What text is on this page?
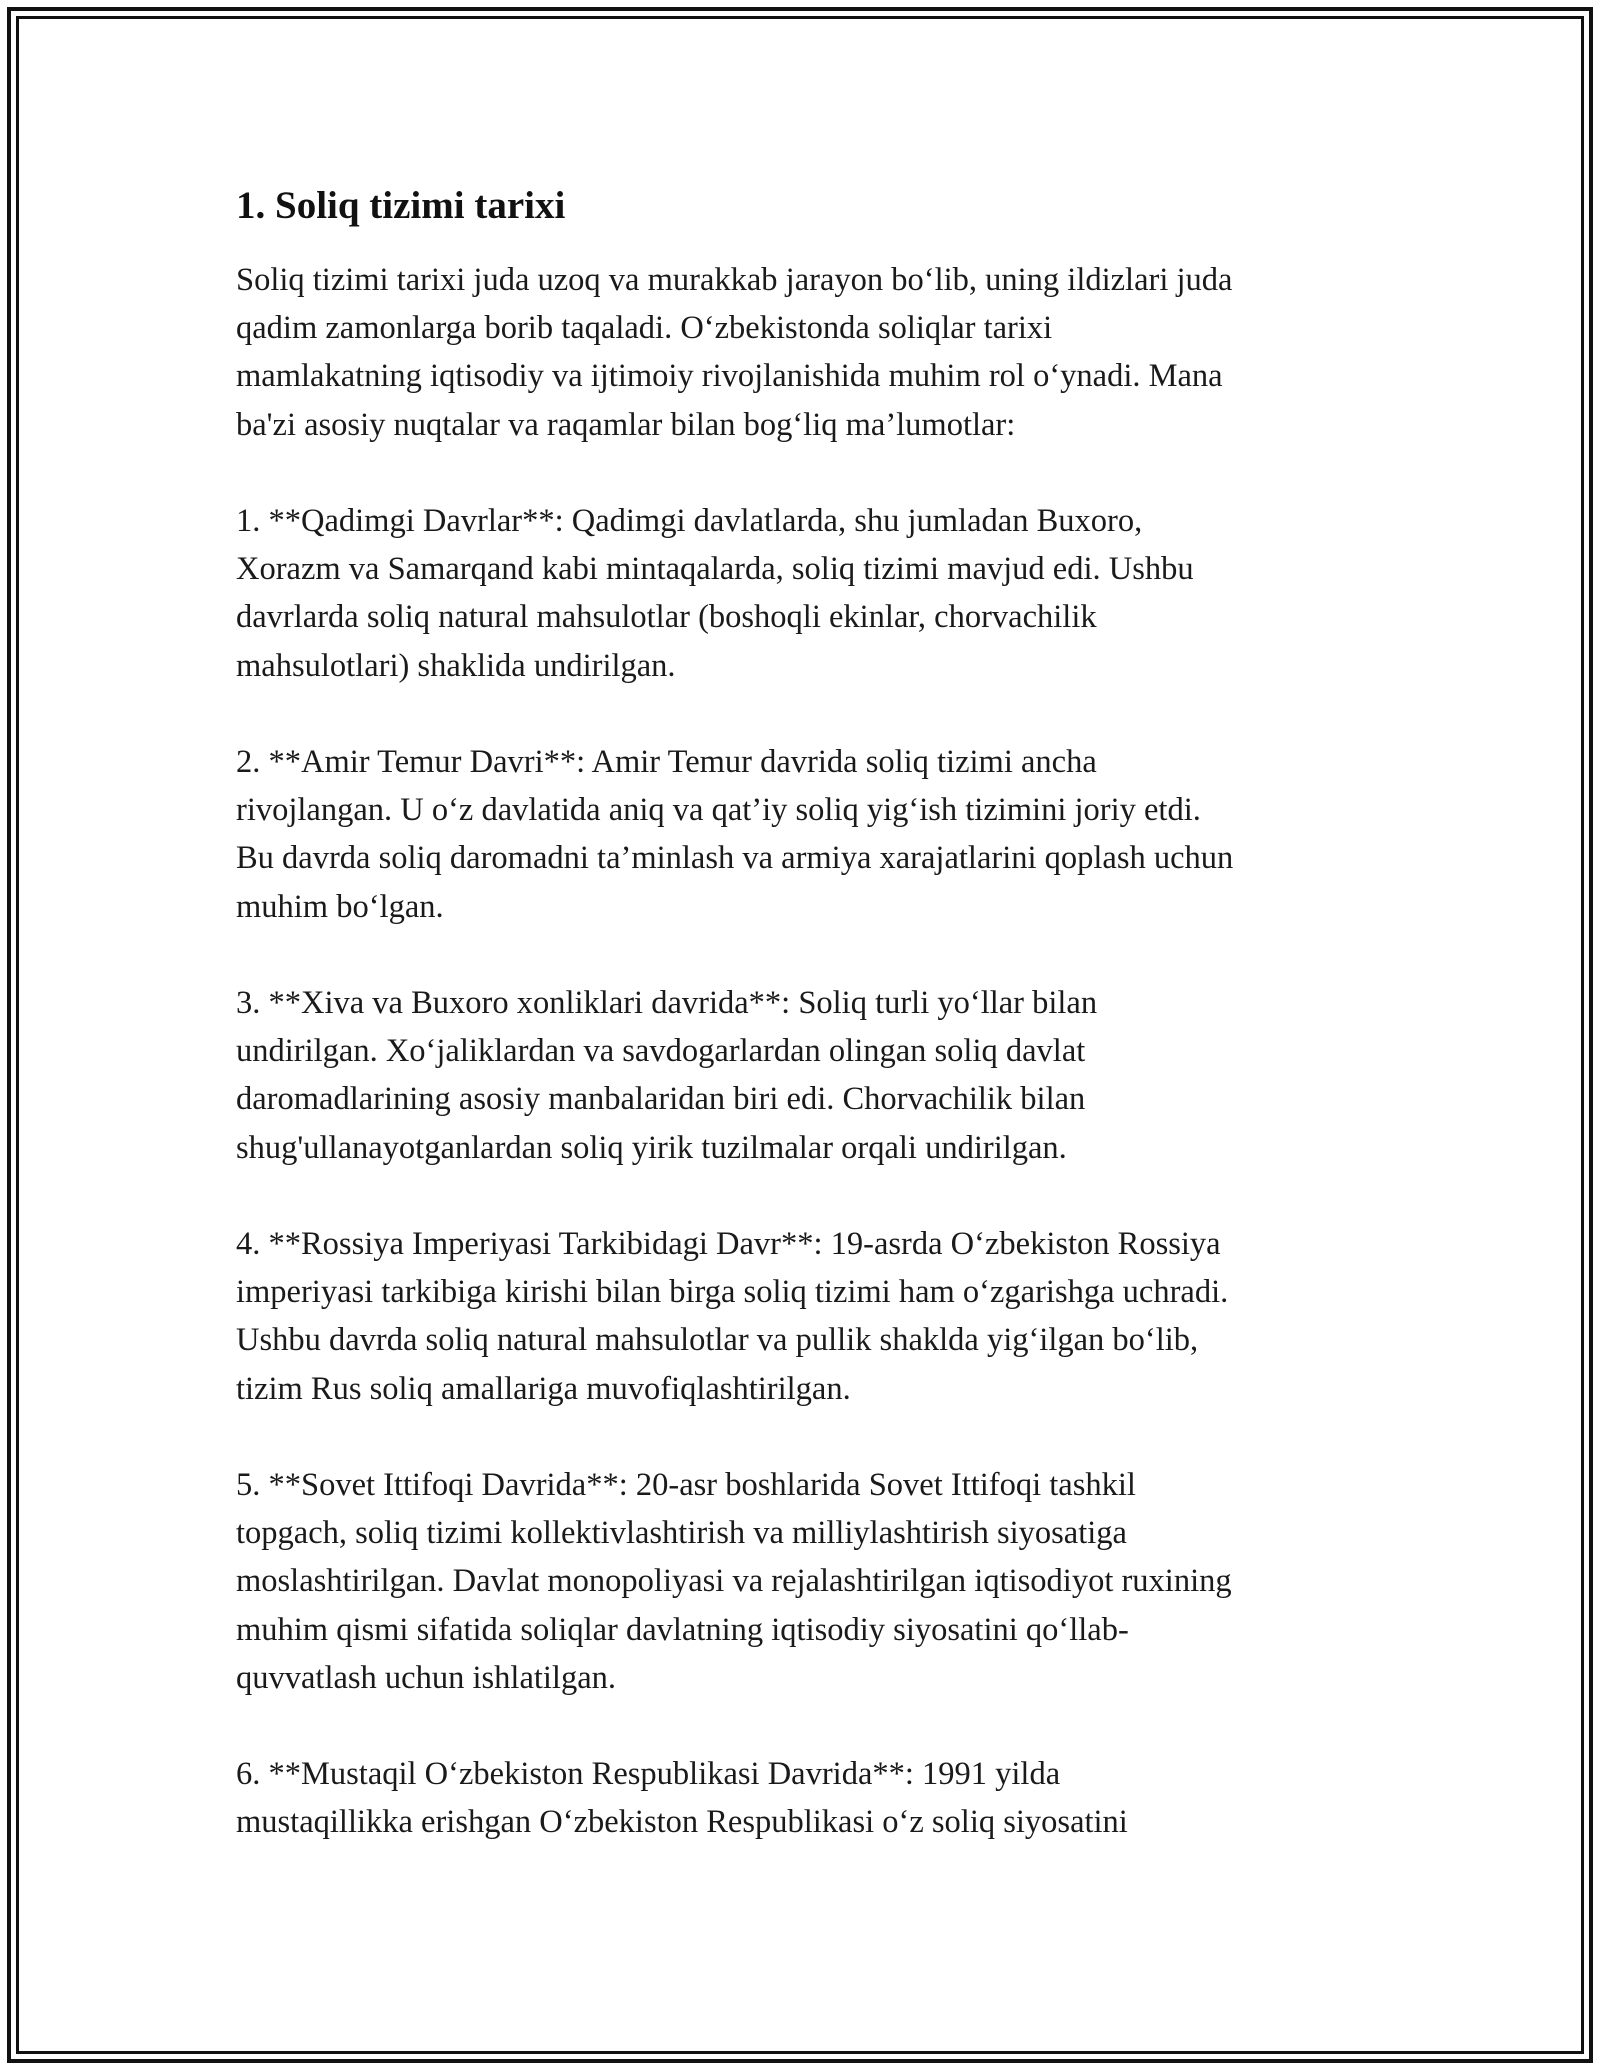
1. Soliq tizimi tarixi

Soliq tizimi tarixi juda uzoq va murakkab jarayon bo‘lib, uning ildizlari juda
qadim zamonlarga borib taqaladi. O‘zbekistonda soliqlar tarixi
mamlakatning iqtisodiy va ijtimoiy rivojlanishida muhim rol o‘ynadi. Mana
ba'zi asosiy nuqtalar va raqamlar bilan bog‘liq ma’lumotlar:

1. **Qadimgi Davrlar**: Qadimgi davlatlarda, shu jumladan Buxoro,
Xorazm va Samarqand kabi mintaqalarda, soliq tizimi mavjud edi. Ushbu
davrlarda soliq natural mahsulotlar (boshoqli ekinlar, chorvachilik
mahsulotlari) shaklida undirilgan.

2. **Amir Temur Davri**: Amir Temur davrida soliq tizimi ancha
rivojlangan. U o‘z davlatida aniq va qat’iy soliq yig‘ish tizimini joriy etdi.
Bu davrda soliq daromadni ta’minlash va armiya xarajatlarini qoplash uchun
muhim bo‘lgan.

3. **Xiva va Buxoro xonliklari davrida**: Soliq turli yo‘llar bilan
undirilgan. Xo‘jaliklardan va savdogarlardan olingan soliq davlat
daromadlarining asosiy manbalaridan biri edi. Chorvachilik bilan
shug'ullanayotganlardan soliq yirik tuzilmalar orqali undirilgan.

4. **Rossiya Imperiyasi Tarkibidagi Davr**: 19-asrda O‘zbekiston Rossiya
imperiyasi tarkibiga kirishi bilan birga soliq tizimi ham o‘zgarishga uchradi.
Ushbu davrda soliq natural mahsulotlar va pullik shaklda yig‘ilgan bo‘lib,
tizim Rus soliq amallariga muvofiqlashtirilgan.

5. **Sovet Ittifoqi Davrida**: 20-asr boshlarida Sovet Ittifoqi tashkil
topgach, soliq tizimi kollektivlashtirish va milliylashtirish siyosatiga
moslashtirilgan. Davlat monopoliyasi va rejalashtirilgan iqtisodiyot ruxining
muhim qismi sifatida soliqlar davlatning iqtisodiy siyosatini qo‘llab-
quvvatlash uchun ishlatilgan.

6. **Mustaqil O‘zbekiston Respublikasi Davrida**: 1991 yilda
mustaqillikka erishgan O‘zbekiston Respublikasi o‘z soliq siyosatini
